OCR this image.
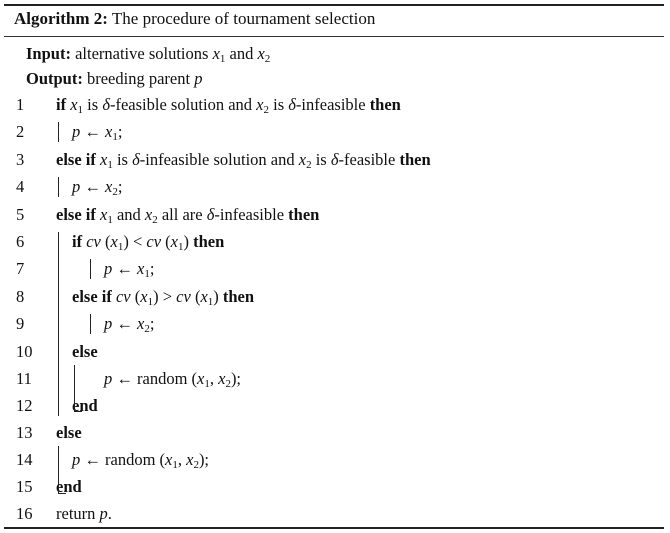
Algorithm 2: The procedure of tournament selection
Input: alternative solutions $x_1$ and $x_2$
Output: breeding parent p
1	if $x_1$ is δ-feasible solution and $x_2$ is δ-infeasible then
2	p ← $x_1$;
3	else if $x_1$ is δ-infeasible solution and $x_2$ is δ-feasible then
4	p ← $x_2$;
5	else if $x_1$ and $x_2$ all are δ-infeasible then
6	if cv $(x_1)$ < cv $(x_1)$ then
7	p ← $x_1$;
8	else if cv $(x_1)$ > cv $(x_1)$ then
9	p ← $x_2$;
10	else
11	p ← random ($x_1$, $x_2$);
12	end
13	else
14	p ← random ($x_1$, $x_2$);
15	end
16	return p.
